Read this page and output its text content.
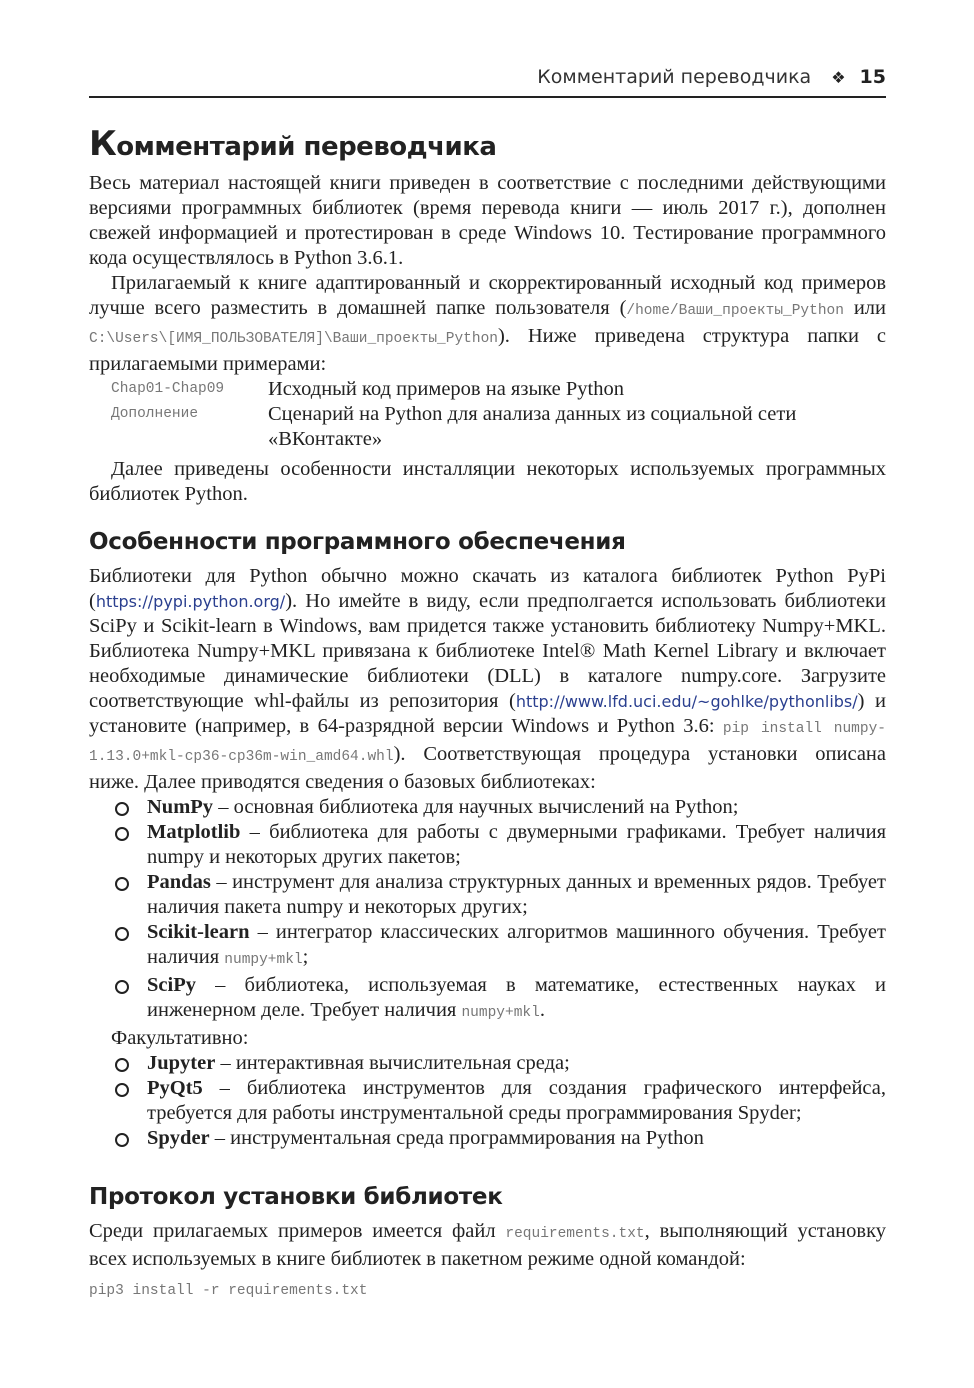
Комментарий переводчика ❖ 15
Комментарий переводчика

Весь материал настоящей книги приведен в соответствие с последними действующими версиями программных библиотек (время перевода книги — июль 2017 г.), дополнен свежей информацией и протестирован в среде Windows 10. Тестирование программного кода осуществлялось в Python 3.6.1.

Прилагаемый к книге адаптированный и скорректированный исходный код примеров лучше всего разместить в домашней папке пользователя (/home/Ваши_проекты_Python или C:\Users\[ИМЯ_ПОЛЬЗОВАТЕЛЯ]\Ваши_проекты_Python). Ниже приведена структура папки с прилагаемыми примерами:

Chap01-Chap09	Исходный код примеров на языке Python
Дополнение	Сценарий на Python для анализа данных из социальной сети «ВКонтакте»

Далее приведены особенности инсталляции некоторых используемых программных библиотек Python.

Особенности программного обеспечения

Библиотеки для Python обычно можно скачать из каталога библиотек Python PyPi (https://pypi.python.org/). Но имейте в виду, если предполгается использовать библиотеки SciPy и Scikit-learn в Windows, вам придется также установить библиотеку Numpy+MKL. Библиотека Numpy+MKL привязана к библиотеке Intel® Math Kernel Library и включает необходимые динамические библиотеки (DLL) в каталоге numpy.core. Загрузите соответствующие whl-файлы из репозитория (http://www.lfd.uci.edu/~gohlke/pythonlibs/) и установите (например, в 64-разрядной версии Windows и Python 3.6: pip install numpy-1.13.0+mkl-cp36-cp36m-win_amd64.whl). Соответствующая процедура установки описана ниже. Далее приводятся сведения о базовых библиотеках:

NumPy – основная библиотека для научных вычислений на Python;
Matplotlib – библиотека для работы с двумерными графиками. Требует наличия numpy и некоторых других пакетов;
Pandas – инструмент для анализа структурных данных и временных рядов. Требует наличия пакета numpy и некоторых других;
Scikit-learn – интегратор классических алгоритмов машинного обучения. Требует наличия numpy+mkl;
SciPy – библиотека, используемая в математике, естественных науках и инженерном деле. Требует наличия numpy+mkl.

Факультативно:

Jupyter – интерактивная вычислительная среда;
PyQt5 – библиотека инструментов для создания графического интерфейса, требуется для работы инструментальной среды программирования Spyder;
Spyder – инструментальная среда программирования на Python
Протокол установки библиотек

Среди прилагаемых примеров имеется файл requirements.txt, выполняющий установку всех используемых в книге библиотек в пакетном режиме одной командой:

pip3 install -r requirements.txt
